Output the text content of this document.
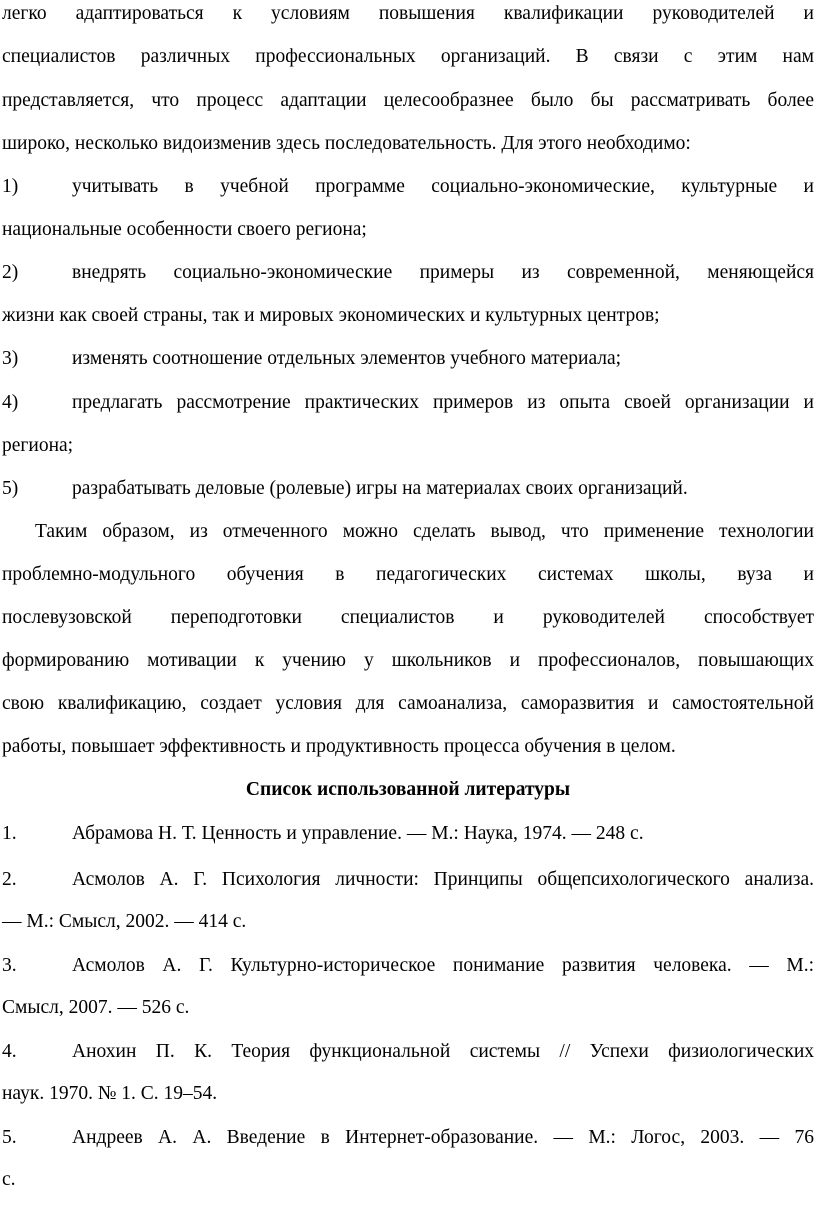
легко адаптироваться к условиям повышения квалификации руководителей и
специалистов различных профессиональных организаций. В связи с этим нам
представляется, что процесс адаптации целесообразнее было бы рассматривать более
широко, несколько видоизменив здесь последовательность. Для этого необходимо:
1)	учитывать в учебной программе социально-экономические, культурные и
национальные особенности своего региона;
2)	внедрять социально-экономические примеры из современной, меняющейся
жизни как своей страны, так и мировых экономических и культурных центров;
3)	изменять соотношение отдельных элементов учебного материала;
4)	предлагать рассмотрение практических примеров из опыта своей организации и
региона;
5)	разрабатывать деловые (ролевые) игры на материалах своих организаций.
Таким образом, из отмеченного можно сделать вывод, что применение технологии
проблемно-модульного обучения в педагогических системах школы, вуза и
послевузовской переподготовки специалистов и руководителей способствует
формированию мотивации к учению у школьников и профессионалов, повышающих
свою квалификацию, создает условия для самоанализа, саморазвития и самостоятельной
работы, повышает эффективность и продуктивность процесса обучения в целом.
Список использованной литературы
1.	Абрамова Н. Т. Ценность и управление. — М.: Наука, 1974. — 248 с.
2.	Асмолов А. Г. Психология личности: Принципы общепсихологического анализа.
— М.: Смысл, 2002. — 414 с.
3.	Асмолов А. Г. Культурно-историческое понимание развития человека. — М.:
Смысл, 2007. — 526 с.
4.	Анохин П. К. Теория функциональной системы // Успехи физиологических
наук. 1970. № 1. С. 19–54.
5.	Андреев А. А. Введение в Интернет-образование. — М.: Логос, 2003. — 76
с.
